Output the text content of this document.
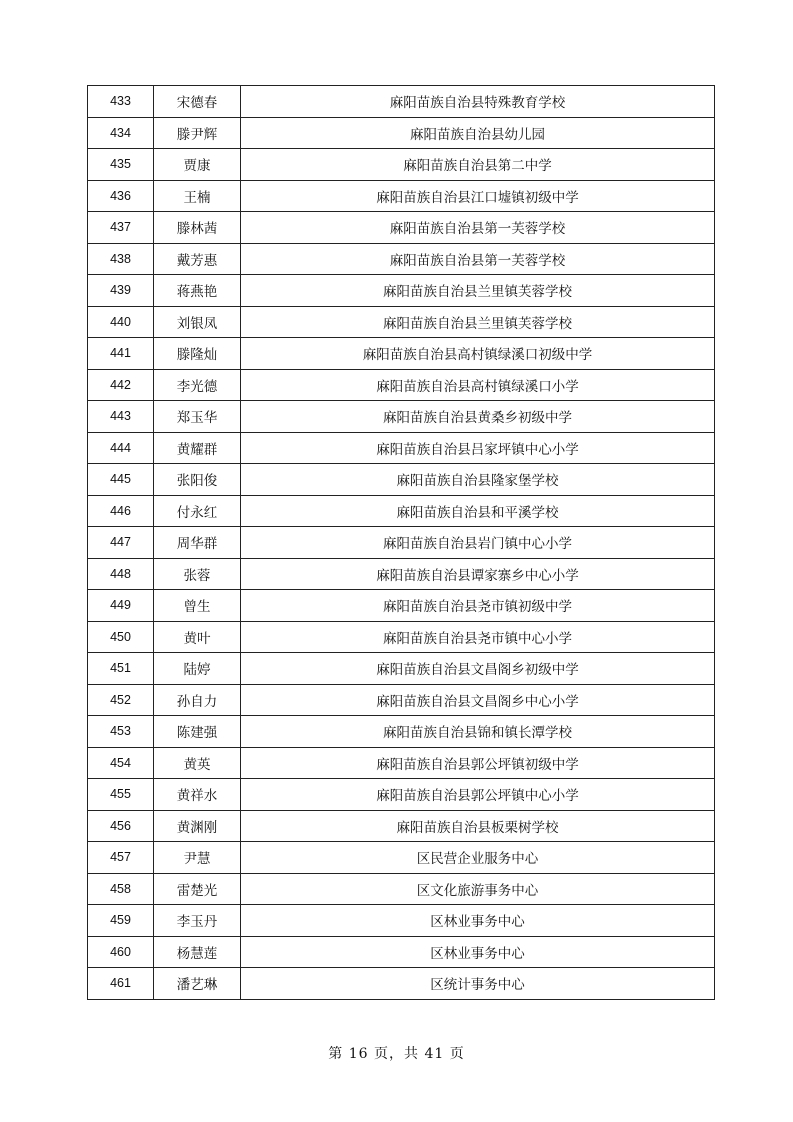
433	宋德春	麻阳苗族自治县特殊教育学校
434	滕尹辉	麻阳苗族自治县幼儿园
435	贾康	麻阳苗族自治县第二中学
436	王楠	麻阳苗族自治县江口墟镇初级中学
437	滕林茜	麻阳苗族自治县第一芙蓉学校
438	戴芳惠	麻阳苗族自治县第一芙蓉学校
439	蒋燕艳	麻阳苗族自治县兰里镇芙蓉学校
440	刘银凤	麻阳苗族自治县兰里镇芙蓉学校
441	滕隆灿	麻阳苗族自治县高村镇绿溪口初级中学
442	李光德	麻阳苗族自治县高村镇绿溪口小学
443	郑玉华	麻阳苗族自治县黄桑乡初级中学
444	黄耀群	麻阳苗族自治县吕家坪镇中心小学
445	张阳俊	麻阳苗族自治县隆家堡学校
446	付永红	麻阳苗族自治县和平溪学校
447	周华群	麻阳苗族自治县岩门镇中心小学
448	张蓉	麻阳苗族自治县谭家寨乡中心小学
449	曾生	麻阳苗族自治县尧市镇初级中学
450	黄叶	麻阳苗族自治县尧市镇中心小学
451	陆婷	麻阳苗族自治县文昌阁乡初级中学
452	孙自力	麻阳苗族自治县文昌阁乡中心小学
453	陈建强	麻阳苗族自治县锦和镇长潭学校
454	黄英	麻阳苗族自治县郭公坪镇初级中学
455	黄祥水	麻阳苗族自治县郭公坪镇中心小学
456	黄渊刚	麻阳苗族自治县板栗树学校
457	尹慧	区民营企业服务中心
458	雷楚光	区文化旅游事务中心
459	李玉丹	区林业事务中心
460	杨慧莲	区林业事务中心
461	潘艺琳	区统计事务中心
第 16 页，共 41 页
